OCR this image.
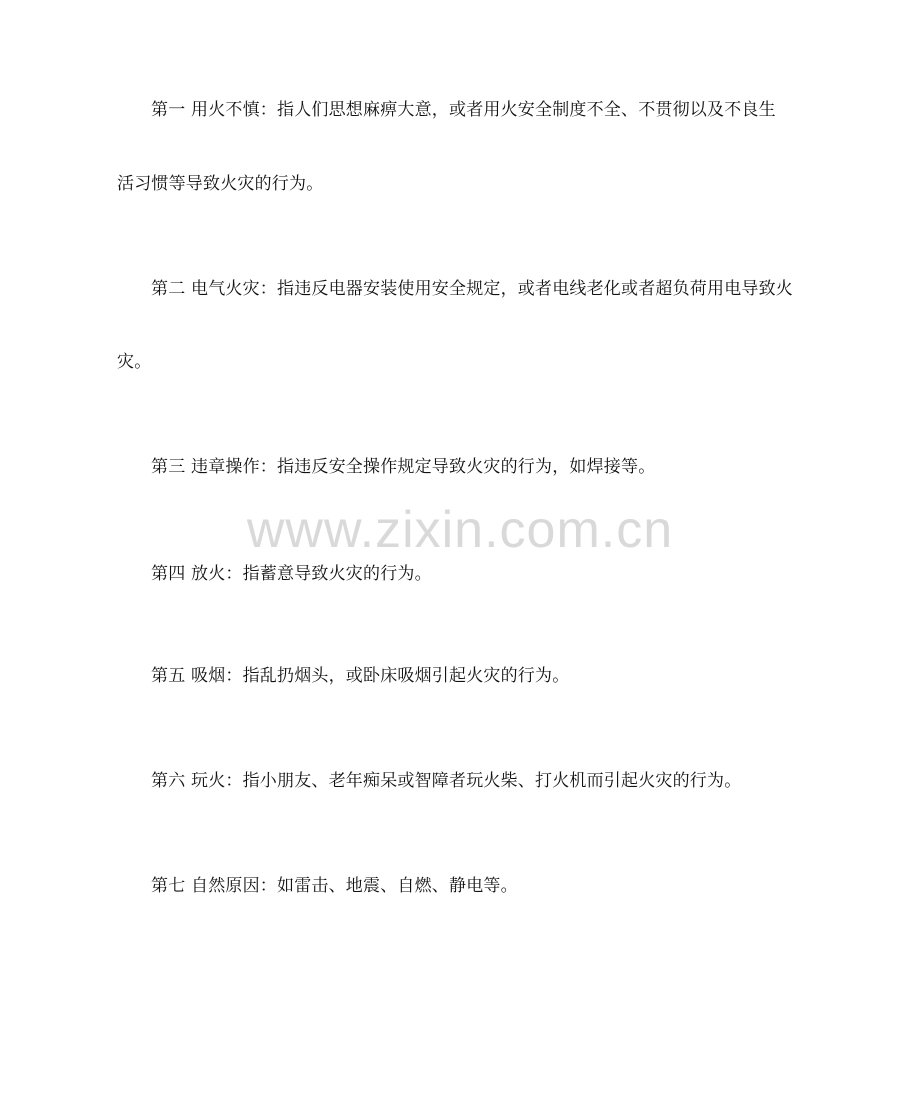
第一 用火不慎：指人们思想麻痹大意，或者用火安全制度不全、不贯彻以及不良生
活习惯等导致火灾的行为。
第二 电气火灾：指违反电器安装使用安全规定，或者电线老化或者超负荷用电导致火
灾。
第三 违章操作：指违反安全操作规定导致火灾的行为，如焊接等。
第四 放火：指蓄意导致火灾的行为。
第五 吸烟：指乱扔烟头，或卧床吸烟引起火灾的行为。
第六 玩火：指小朋友、老年痴呆或智障者玩火柴、打火机而引起火灾的行为。
第七 自然原因：如雷击、地震、自燃、静电等。
www.zixin.com.cn
